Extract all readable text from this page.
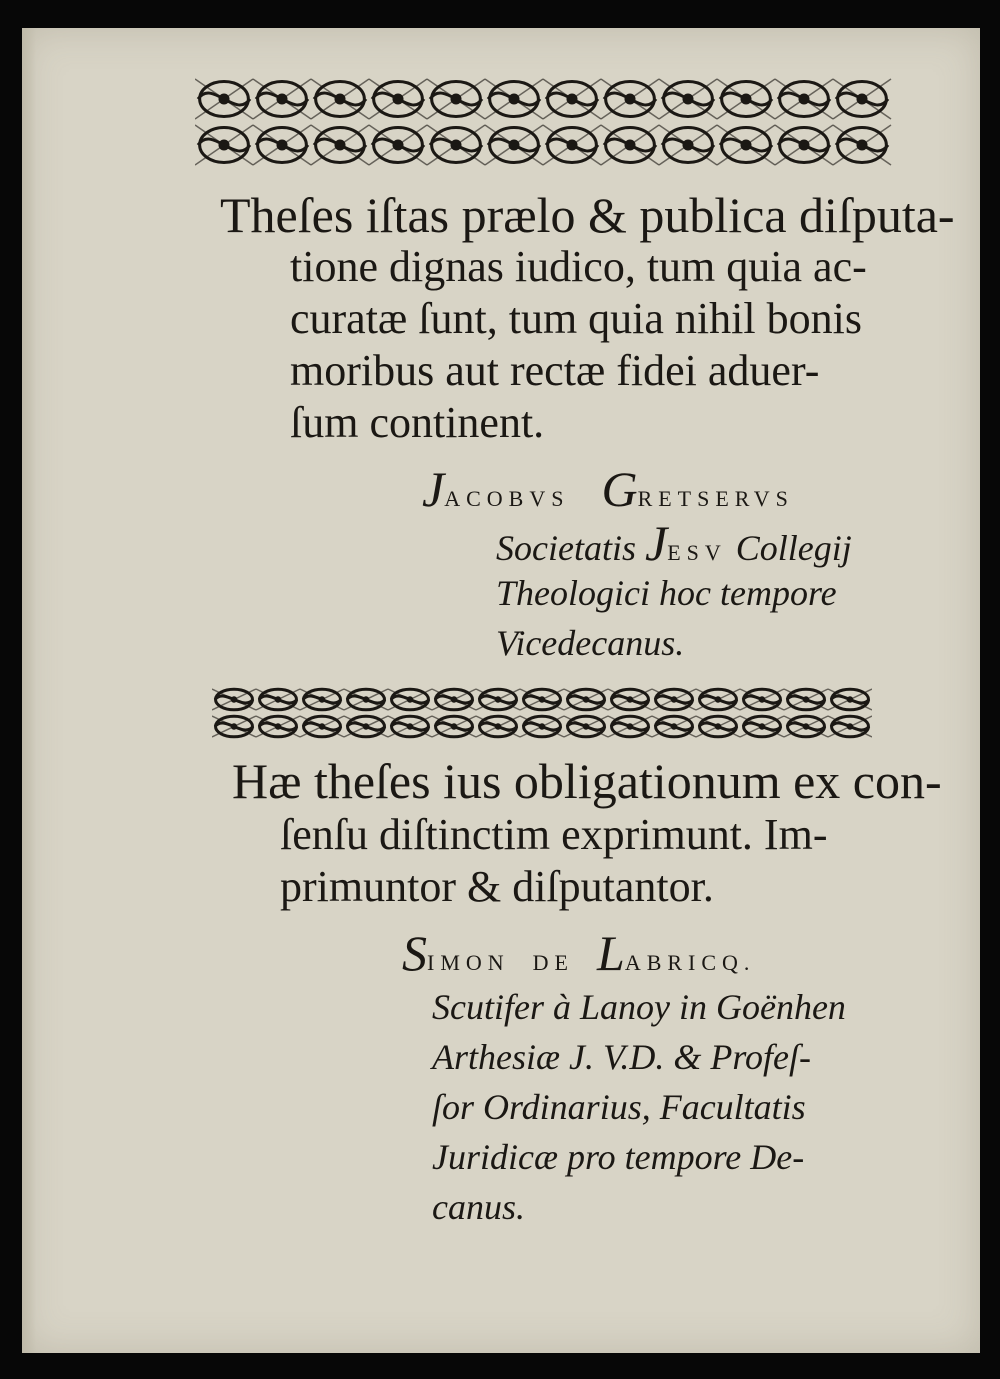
Theſes iſtas prælo & publica diſputa-
tione dignas iudico, tum quia ac-
curatæ ſunt, tum quia nihil bonis
moribus aut rectæ fidei aduer-
ſum continent.
JACOBVS GRETSERVS
Societatis JESV Collegij
Theologici hoc tempore
Vicedecanus.
Hæ theſes ius obligationum ex con-
ſenſu diſtinctim exprimunt. Im-
primuntor & diſputantor.
SIMON DE LABRICQ.
Scutifer à Lanoy in Goënhen
Arthesiæ J. V.D. & Profeſ-
ſor Ordinarius, Facultatis
Juridicæ pro tempore De-
canus.
